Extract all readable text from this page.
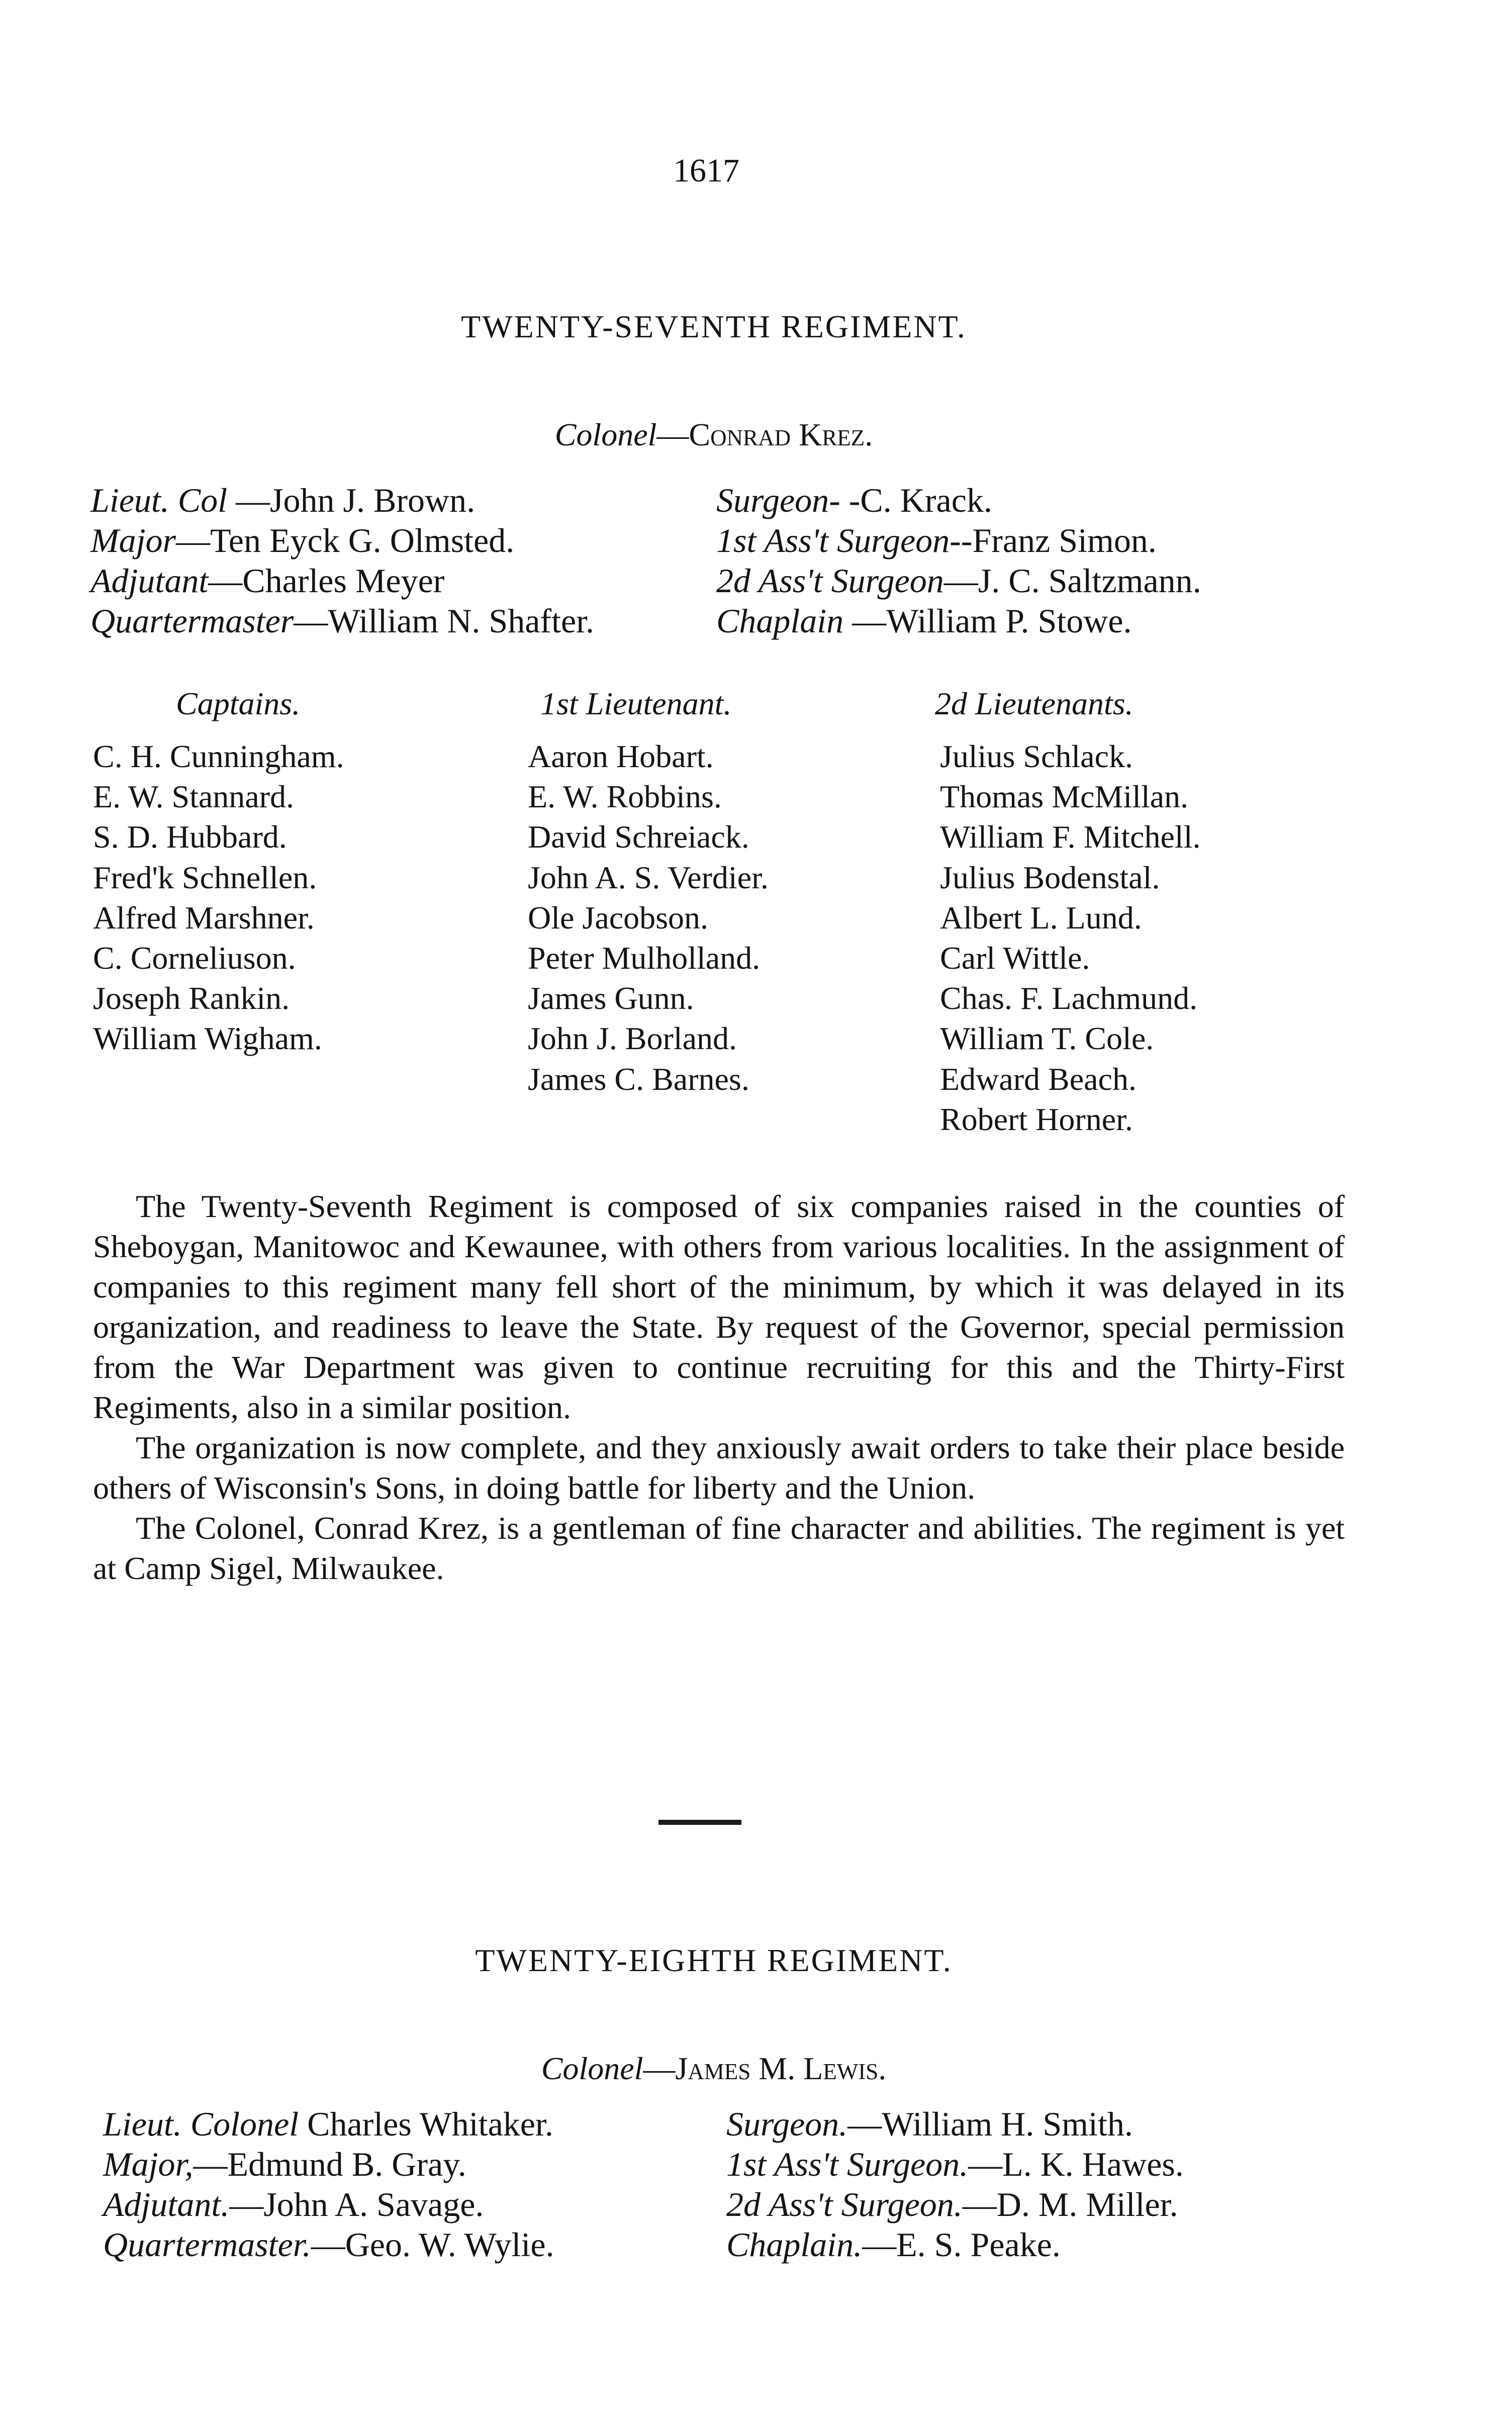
1617
TWENTY-SEVENTH REGIMENT.
Colonel—Conrad Krez.
Lieut. Col —John J. Brown.
Major—Ten Eyck G. Olmsted.
Adjutant—Charles Meyer
Quartermaster—William N. Shafter.
Surgeon- -C. Krack.
1st Ass't Surgeon--Franz Simon.
2d Ass't Surgeon—J. C. Saltzmann.
Chaplain —William P. Stowe.
Captains.	1st Lieutenant.	2d Lieutenants.
C. H. Cunningham.
E. W. Stannard.
S. D. Hubbard.
Fred'k Schnellen.
Alfred Marshner.
C. Corneliuson.
Joseph Rankin.
William Wigham.
Aaron Hobart.
E. W. Robbins.
David Schreiack.
John A. S. Verdier.
Ole Jacobson.
Peter Mulholland.
James Gunn.
John J. Borland.
James C. Barnes.
Julius Schlack.
Thomas McMillan.
William F. Mitchell.
Julius Bodenstal.
Albert L. Lund.
Carl Wittle.
Chas. F. Lachmund.
William T. Cole.
Edward Beach.
Robert Horner.

The Twenty-Seventh Regiment is composed of six companies raised in the counties of Sheboygan, Manitowoc and Kewaunee, with others from various localities. In the assignment of companies to this regiment many fell short of the minimum, by which it was delayed in its organization, and readiness to leave the State. By request of the Governor, special permission from the War Department was given to continue recruiting for this and the Thirty-First Regiments, also in a similar position.

The organization is now complete, and they anxiously await orders to take their place beside others of Wisconsin's Sons, in doing battle for liberty and the Union.

The Colonel, Conrad Krez, is a gentleman of fine character and abilities. The regiment is yet at Camp Sigel, Milwaukee.

TWENTY-EIGHTH REGIMENT.
Colonel—James M. Lewis.
Lieut. Colonel Charles Whitaker.
Major,—Edmund B. Gray.
Adjutant.—John A. Savage.
Quartermaster.—Geo. W. Wylie.
Surgeon.—William H. Smith.
1st Ass't Surgeon.—L. K. Hawes.
2d Ass't Surgeon.—D. M. Miller.
Chaplain.—E. S. Peake.
